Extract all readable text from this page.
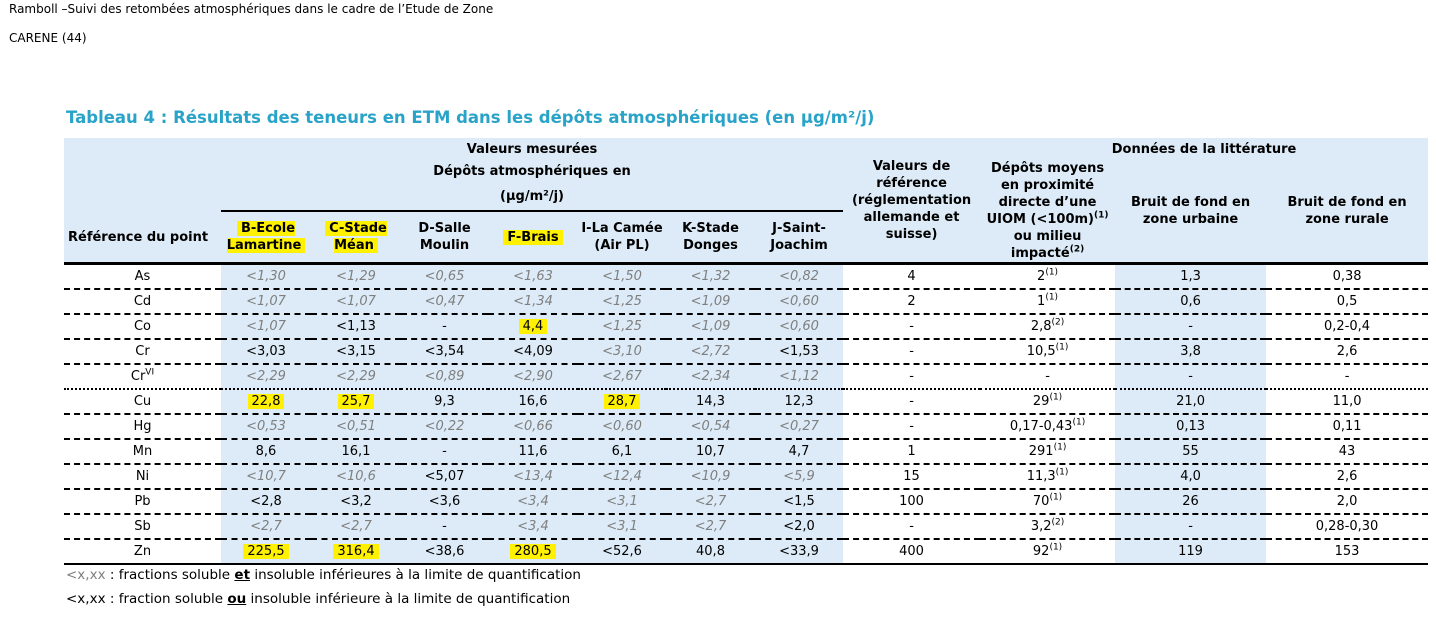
Ramboll –Suivi des retombées atmosphériques dans le cadre de l’Etude de Zone
CARENE (44)
Tableau 4 : Résultats des teneurs en ETM dans les dépôts atmosphériques (en µg/m²/j)
Référence du point	Valeurs mesurées							Valeurs de référence (réglementation allemande et suisse)	Données de la littérature		

	Dépôts atmosphériques en
(µg/m²/j)								Dépôts moyens en proximité directe d’une UIOM (<100m)$^{(1)}$ ou milieu impacté$^{(2)}$	Bruit de fond en zone urbaine	Bruit de fond en zone rurale
	B-Ecole Lamartine	C-Stade Méan	D-Salle Moulin	F-Brais	I-La Camée (Air PL)	K-Stade Donges	J-Saint-Joachim				
As	<1,30	<1,29	<0,65	<1,63	<1,50	<1,32	<0,82	4	2$^{(1)}$	1,3	0,38
Cd	<1,07	<1,07	<0,47	<1,34	<1,25	<1,09	<0,60	2	1$^{(1)}$	0,6	0,5
Co	<1,07	<1,13	-	4,4	<1,25	<1,09	<0,60	-	2,8$^{(2)}$	-	0,2-0,4
Cr	<3,03	<3,15	<3,54	<4,09	<3,10	<2,72	<1,53	-	10,5$^{(1)}$	3,8	2,6
$Cr^{VI}$	<2,29	<2,29	<0,89	<2,90	<2,67	<2,34	<1,12	-	-	-	-
Cu	22,8	25,7	9,3	16,6	28,7	14,3	12,3	-	29$^{(1)}$	21,0	11,0
Hg	<0,53	<0,51	<0,22	<0,66	<0,60	<0,54	<0,27	-	0,17-0,43$^{(1)}$	0,13	0,11
Mn	8,6	16,1	-	11,6	6,1	10,7	4,7	1	291$^{(1)}$	55	43
Ni	<10,7	<10,6	<5,07	<13,4	<12,4	<10,9	<5,9	15	11,3$^{(1)}$	4,0	2,6
Pb	<2,8	<3,2	<3,6	<3,4	<3,1	<2,7	<1,5	100	70$^{(1)}$	26	2,0
Sb	<2,7	<2,7	-	<3,4	<3,1	<2,7	<2,0	-	3,2$^{(2)}$	-	0,28-0,30
Zn	225,5	316,4	<38,6	280,5	<52,6	40,8	<33,9	400	92$^{(1)}$	119	153
<x,xx : fractions soluble et insoluble inférieures à la limite de quantification
<x,xx : fraction soluble ou insoluble inférieure à la limite de quantification
